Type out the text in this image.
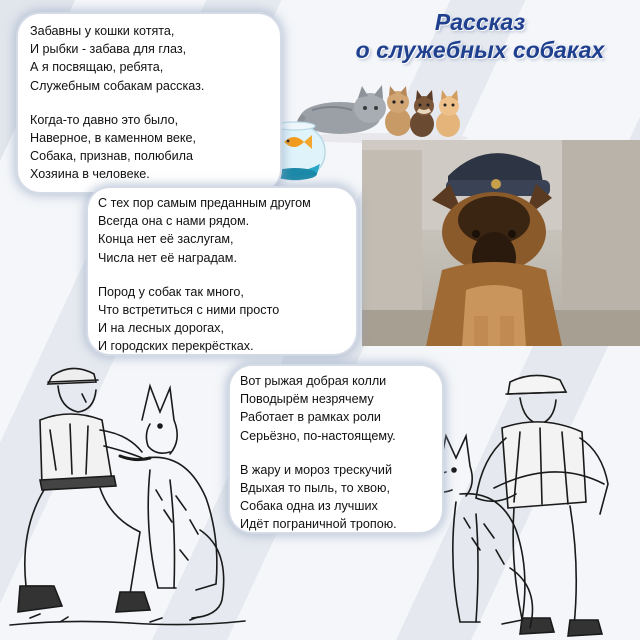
Рассказ
о служебных собаках
Забавны у кошки котята,
И рыбки - забава для глаз,
А я посвящаю, ребята,
Служебным собакам рассказ.
Когда-то давно это было,
Наверное, в каменном веке,
Собака, признав, полюбила
Хозяина в человеке.
С тех пор самым преданным другом
Всегда она с нами рядом.
Конца нет её заслугам,
Числа нет её наградам.
Пород у собак так много,
Что встретиться с ними просто
И на лесных дорогах,
И городских перекрёстках.
Вот рыжая добрая колли
Поводырём незрячему
Работает в рамках роли
Серьёзно, по-настоящему.
В жару и мороз трескучий
Вдыхая то пыль, то хвою,
Собака одна из лучших
Идёт пограничной тропою.
